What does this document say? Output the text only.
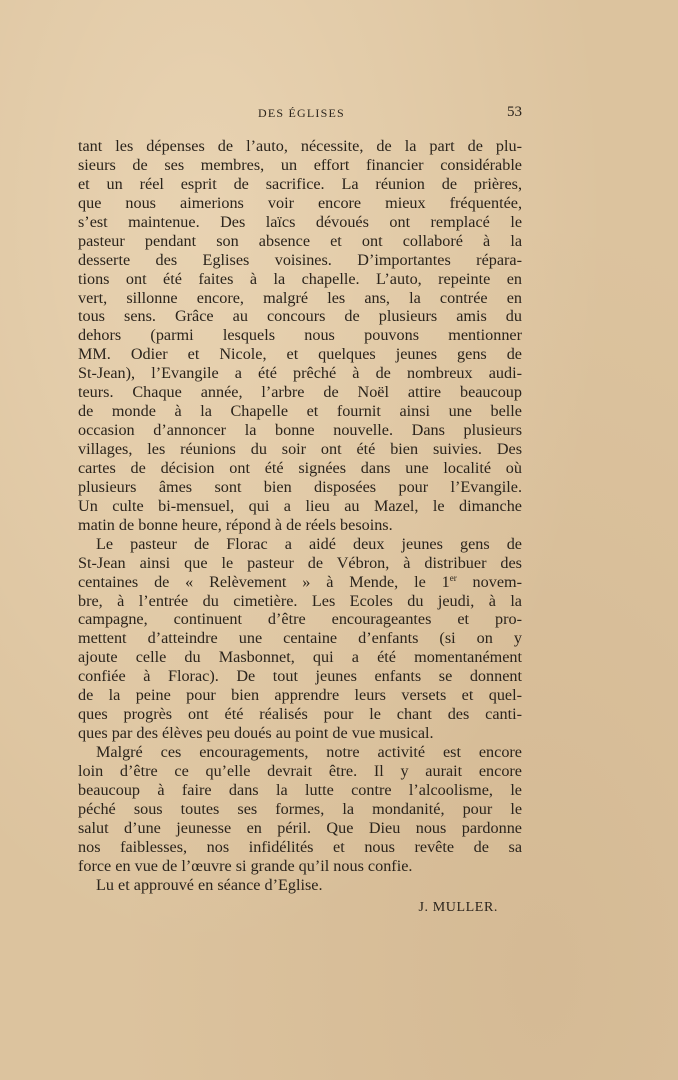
DES ÉGLISES	53
tant les dépenses de l’auto, nécessite, de la part de plu-
sieurs de ses membres, un effort financier considérable
et un réel esprit de sacrifice. La réunion de prières,
que nous aimerions voir encore mieux fréquentée,
s’est maintenue. Des laïcs dévoués ont remplacé le
pasteur pendant son absence et ont collaboré à la
desserte des Eglises voisines. D’importantes répara-
tions ont été faites à la chapelle. L’auto, repeinte en
vert, sillonne encore, malgré les ans, la contrée en
tous sens. Grâce au concours de plusieurs amis du
dehors (parmi lesquels nous pouvons mentionner
MM. Odier et Nicole, et quelques jeunes gens de
St-Jean), l’Evangile a été prêché à de nombreux audi-
teurs. Chaque année, l’arbre de Noël attire beaucoup
de monde à la Chapelle et fournit ainsi une belle
occasion d’annoncer la bonne nouvelle. Dans plusieurs
villages, les réunions du soir ont été bien suivies. Des
cartes de décision ont été signées dans une localité où
plusieurs âmes sont bien disposées pour l’Evangile.
Un culte bi-mensuel, qui a lieu au Mazel, le dimanche
matin de bonne heure, répond à de réels besoins.
Le pasteur de Florac a aidé deux jeunes gens de
St-Jean ainsi que le pasteur de Vébron, à distribuer des
centaines de « Relèvement » à Mende, le 1er novem-
bre, à l’entrée du cimetière. Les Ecoles du jeudi, à la
campagne, continuent d’être encourageantes et pro-
mettent d’atteindre une centaine d’enfants (si on y
ajoute celle du Masbonnet, qui a été momentanément
confiée à Florac). De tout jeunes enfants se donnent
de la peine pour bien apprendre leurs versets et quel-
ques progrès ont été réalisés pour le chant des canti-
ques par des élèves peu doués au point de vue musical.
Malgré ces encouragements, notre activité est encore
loin d’être ce qu’elle devrait être. Il y aurait encore
beaucoup à faire dans la lutte contre l’alcoolisme, le
péché sous toutes ses formes, la mondanité, pour le
salut d’une jeunesse en péril. Que Dieu nous pardonne
nos faiblesses, nos infidélités et nous revête de sa
force en vue de l’œuvre si grande qu’il nous confie.
Lu et approuvé en séance d’Eglise.
J. MULLER.
